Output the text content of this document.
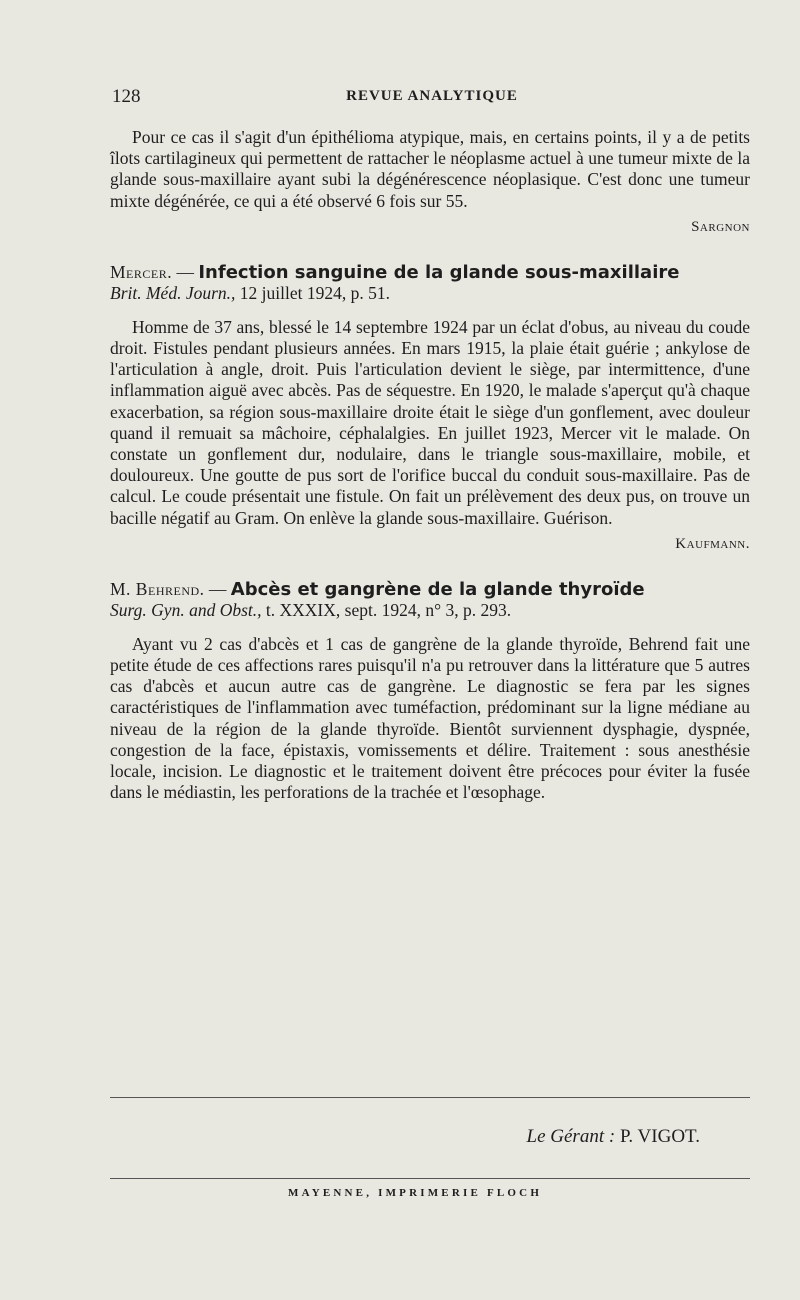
128	REVUE ANALYTIQUE

Pour ce cas il s'agit d'un épithélioma atypique, mais, en certains points, il y a de petits îlots cartilagineux qui permettent de rattacher le néoplasme actuel à une tumeur mixte de la glande sous-maxillaire ayant subi la dégénérescence néoplasique. C'est donc une tumeur mixte dégénérée, ce qui a été observé 6 fois sur 55.

Sargnon
Mercer. — Infection sanguine de la glande sous-maxillaire
Brit. Méd. Journ., 12 juillet 1924, p. 51.

Homme de 37 ans, blessé le 14 septembre 1924 par un éclat d'obus, au niveau du coude droit. Fistules pendant plusieurs années. En mars 1915, la plaie était guérie ; ankylose de l'articulation à angle, droit. Puis l'articulation devient le siège, par intermittence, d'une inflammation aiguë avec abcès. Pas de séquestre. En 1920, le malade s'aperçut qu'à chaque exacerbation, sa région sous-maxillaire droite était le siège d'un gonflement, avec douleur quand il remuait sa mâchoire, céphalalgies. En juillet 1923, Mercer vit le malade. On constate un gonflement dur, nodulaire, dans le triangle sous-maxillaire, mobile, et douloureux. Une goutte de pus sort de l'orifice buccal du conduit sous-maxillaire. Pas de calcul. Le coude présentait une fistule. On fait un prélèvement des deux pus, on trouve un bacille négatif au Gram. On enlève la glande sous-maxillaire. Guérison.

Kaufmann.
M. Behrend. — Abcès et gangrène de la glande thyroïde
Surg. Gyn. and Obst., t. XXXIX, sept. 1924, n° 3, p. 293.

Ayant vu 2 cas d'abcès et 1 cas de gangrène de la glande thyroïde, Behrend fait une petite étude de ces affections rares puisqu'il n'a pu retrouver dans la littérature que 5 autres cas d'abcès et aucun autre cas de gangrène. Le diagnostic se fera par les signes caractéristiques de l'inflammation avec tuméfaction, prédominant sur la ligne médiane au niveau de la région de la glande thyroïde. Bientôt surviennent dysphagie, dyspnée, congestion de la face, épistaxis, vomissements et délire. Traitement : sous anesthésie locale, incision. Le diagnostic et le traitement doivent être précoces pour éviter la fusée dans le médiastin, les perforations de la trachée et l'œsophage.

Le Gérant : P. VIGOT.
MAYENNE, IMPRIMERIE FLOCH
